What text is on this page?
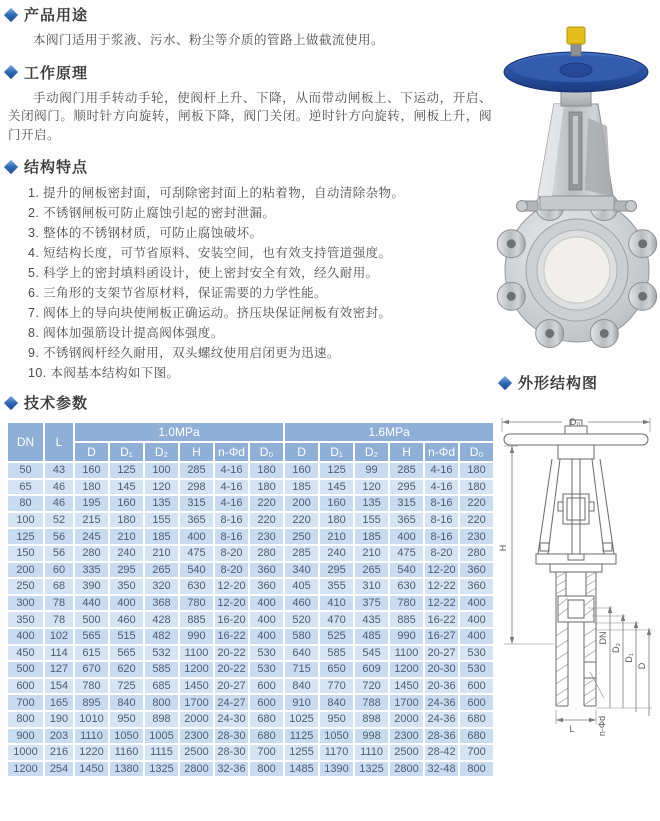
产品用途

本阀门适用于浆液、污水、粉尘等介质的管路上做截流使用。

工作原理

手动阀门用手转动手轮，使阀杆上升、下降，从而带动闸板上、下运动，开启、关闭阀门。顺时针方向旋转，闸板下降，阀门关闭。逆时针方向旋转，闸板上升，阀门开启。

结构特点
1. 提升的闸板密封面，可刮除密封面上的粘着物，自动清除杂物。
2. 不锈钢闸板可防止腐蚀引起的密封泄漏。
3. 整体的不锈钢材质，可防止腐蚀破坏。
4. 短结构长度，可节省原料、安装空间，也有效支持管道强度。
5. 科学上的密封填料函设计，使上密封安全有效，经久耐用。
6. 三角形的支架节省原材料，保证需要的力学性能。
7. 阀体上的导向块使闸板正确运动。挤压块保证闸板有效密封。
8. 阀体加强筋设计提高阀体强度。
9. 不锈钢阀杆经久耐用，双头螺纹使用启闭更为迅速。
10. 本阀基本结构如下图。
技术参数
DN	L	1.0MPa						1.6MPa					
		D	D₁	D₂	H	n-Φd	D₀	D	D₁	D₂	H	n-Φd	D₀
50	43	160	125	100	285	4-16	180	160	125	99	285	4-16	180
65	46	180	145	120	298	4-16	180	185	145	120	295	4-16	180
80	46	195	160	135	315	4-16	220	200	160	135	315	8-16	220
100	52	215	180	155	365	8-16	220	220	180	155	365	8-16	220
125	56	245	210	185	400	8-16	230	250	210	185	400	8-16	230
150	56	280	240	210	475	8-20	280	285	240	210	475	8-20	280
200	60	335	295	265	540	8-20	360	340	295	265	540	12-20	360
250	68	390	350	320	630	12-20	360	405	355	310	630	12-22	360
300	78	440	400	368	780	12-20	400	460	410	375	780	12-22	400
350	78	500	460	428	885	16-20	400	520	470	435	885	16-22	400
400	102	565	515	482	990	16-22	400	580	525	485	990	16-27	400
450	114	615	565	532	1100	20-22	530	640	585	545	1100	20-27	530
500	127	670	620	585	1200	20-22	530	715	650	609	1200	20-30	530
600	154	780	725	685	1450	20-27	600	840	770	720	1450	20-36	600
700	165	895	840	800	1700	24-27	600	910	840	788	1700	24-36	600
800	190	1010	950	898	2000	24-30	680	1025	950	898	2000	24-36	680
900	203	1110	1050	1005	2300	28-30	680	1125	1050	998	2300	28-36	680
1000	216	1220	1160	1115	2500	28-30	700	1255	1170	1110	2500	28-42	700
1200	254	1450	1380	1325	2800	32-36	800	1485	1390	1325	2800	32-48	800
外形结构图
D₀
H
DN
D₂
D₁
D
L n-Φd
